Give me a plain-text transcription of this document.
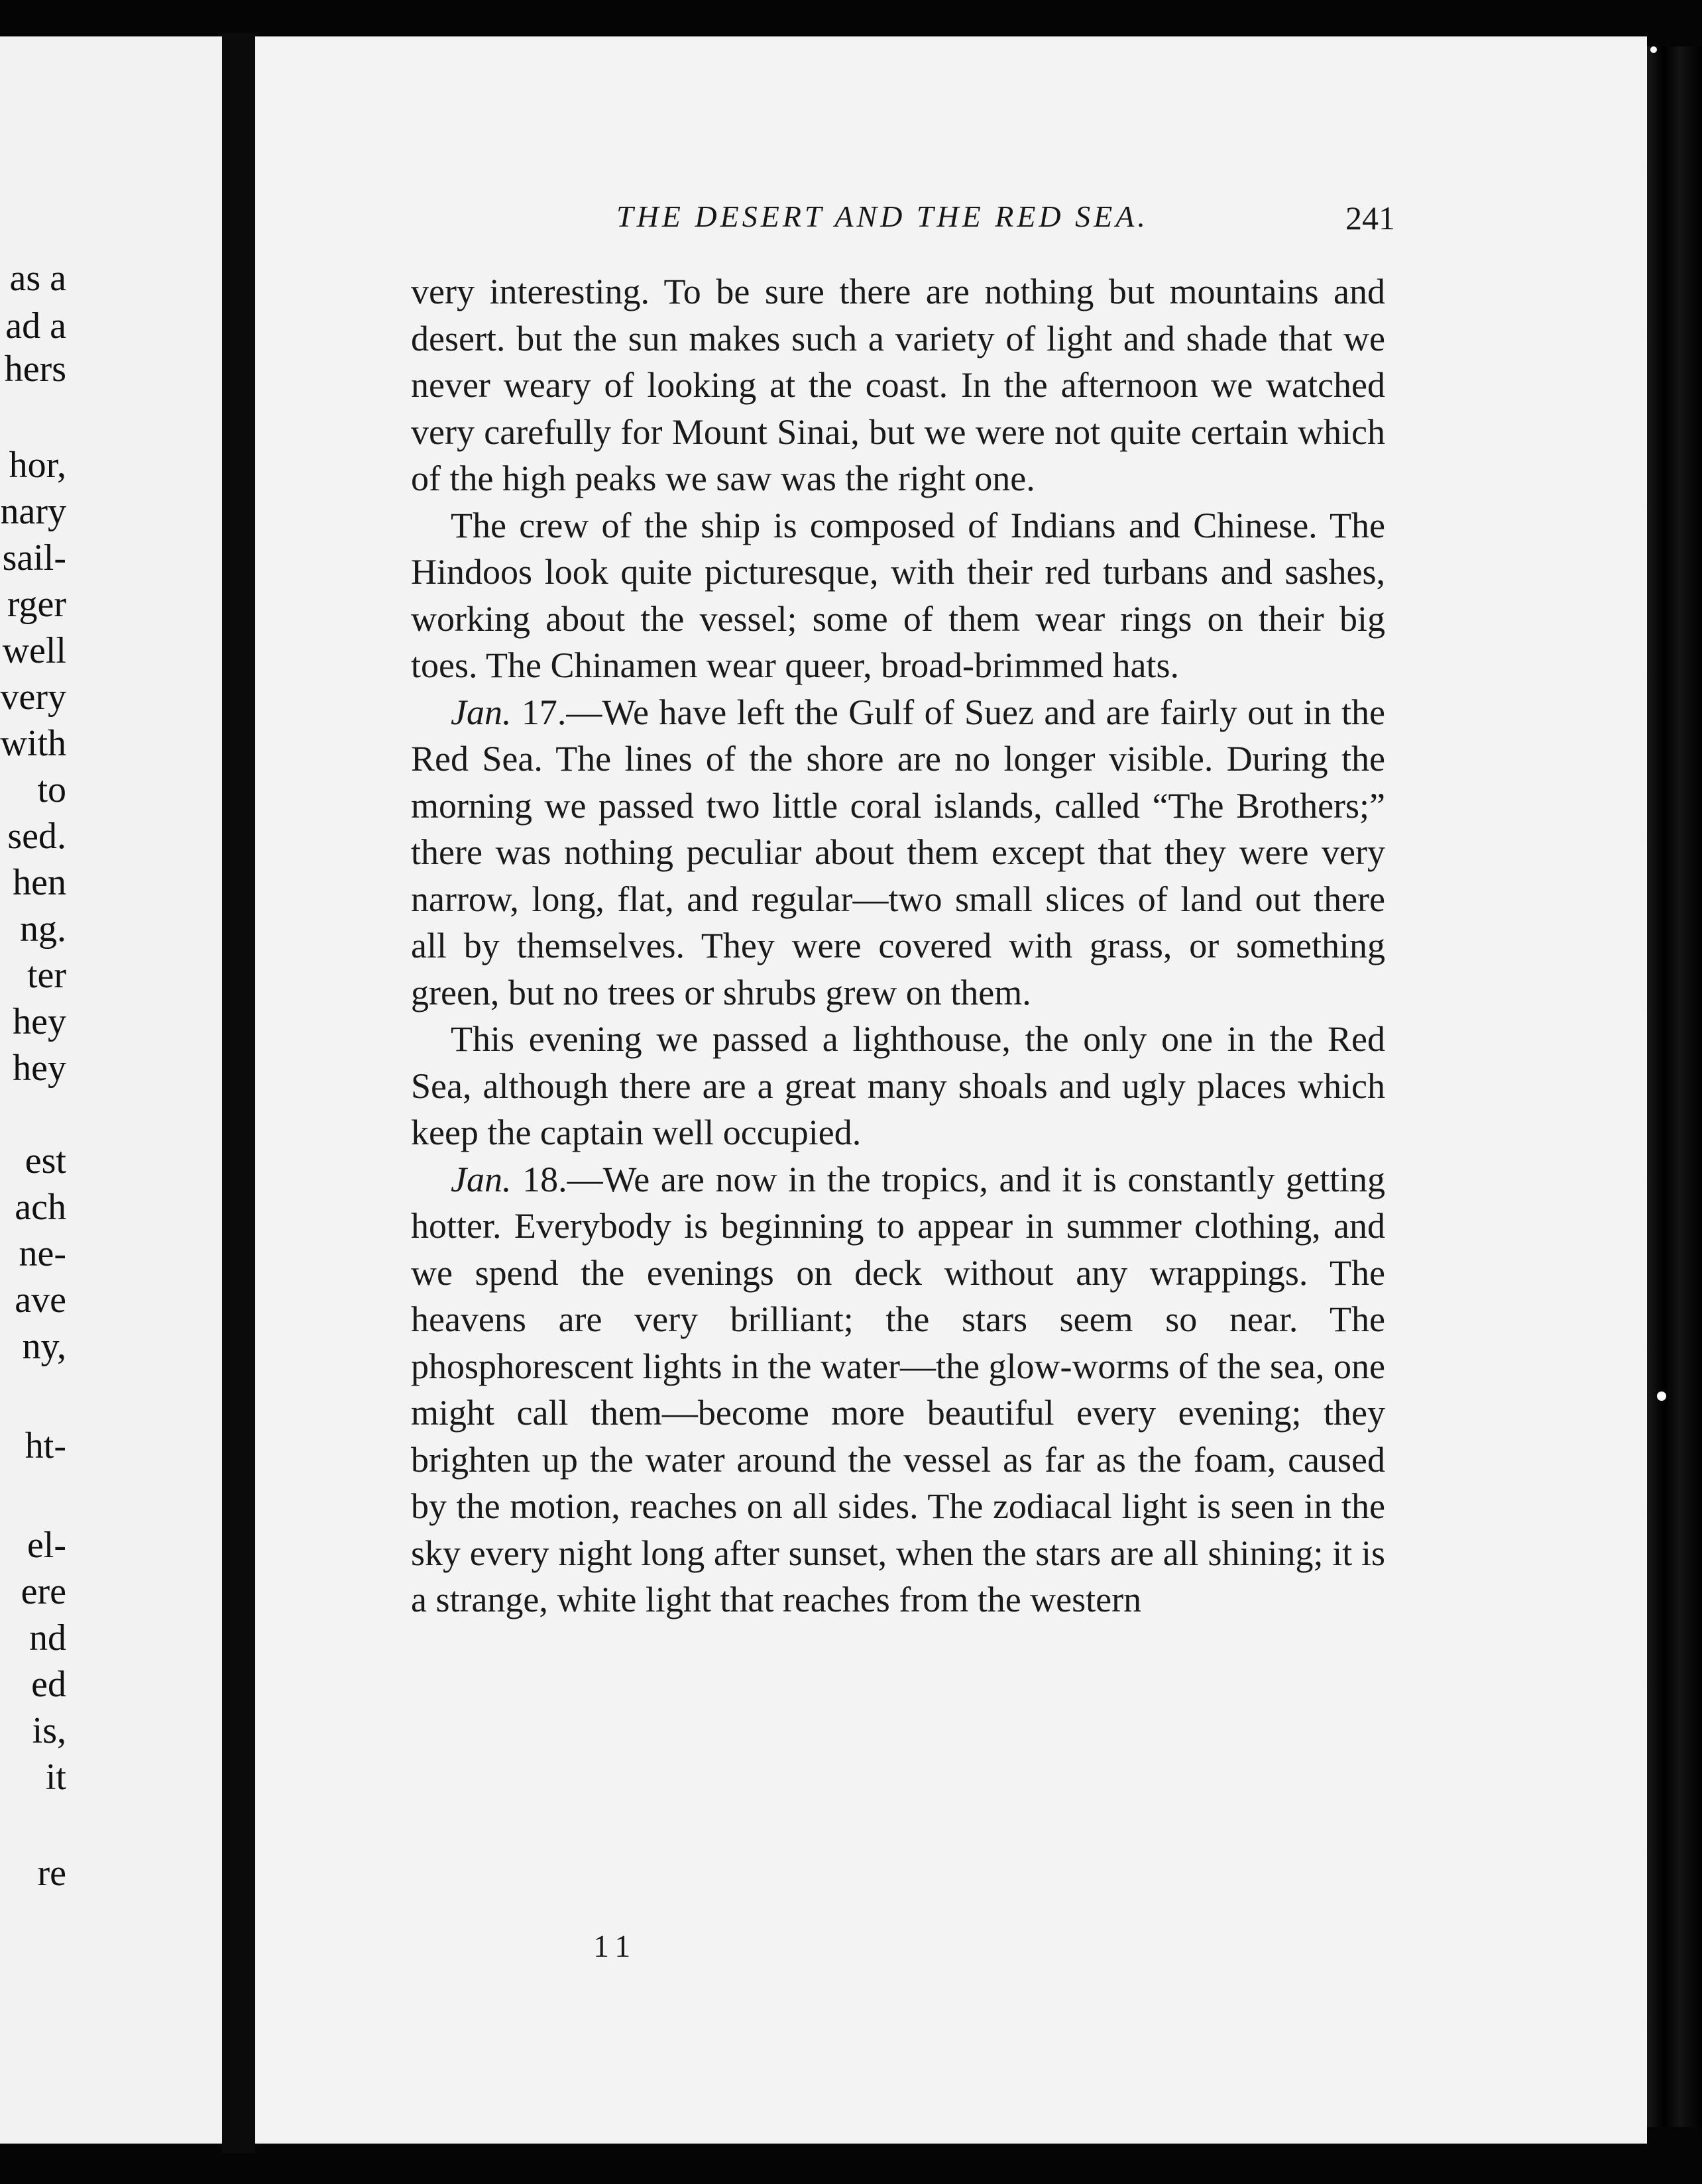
as a
ad a
hers
hor,
nary
sail-
rger
well
very
with
to
sed.
hen
ng.
ter
hey
hey
est
ach
ne-
ave
ny,
ht-
el-
ere
nd
ed
is,
it
re
THE DESERT AND THE RED SEA.	241

very interesting. To be sure there are nothing but mountains and desert. but the sun makes such a variety of light and shade that we never weary of looking at the coast. In the afternoon we watched very carefully for Mount Sinai, but we were not quite certain which of the high peaks we saw was the right one.

The crew of the ship is composed of Indians and Chinese. The Hindoos look quite picturesque, with their red turbans and sashes, working about the vessel; some of them wear rings on their big toes. The Chinamen wear queer, broad-brimmed hats.

Jan. 17.—We have left the Gulf of Suez and are fairly out in the Red Sea. The lines of the shore are no longer visible. During the morning we passed two little coral islands, called “The Brothers;” there was nothing peculiar about them except that they were very narrow, long, flat, and regular—two small slices of land out there all by themselves. They were covered with grass, or something green, but no trees or shrubs grew on them.

This evening we passed a lighthouse, the only one in the Red Sea, although there are a great many shoals and ugly places which keep the captain well occupied.

Jan. 18.—We are now in the tropics, and it is constantly getting hotter. Everybody is beginning to appear in summer clothing, and we spend the evenings on deck without any wrappings. The heavens are very brilliant; the stars seem so near. The phosphorescent lights in the water—the glow-worms of the sea, one might call them—become more beautiful every evening; they brighten up the water around the vessel as far as the foam, caused by the motion, reaches on all sides. The zodiacal light is seen in the sky every night long after sunset, when the stars are all shining; it is a strange, white light that reaches from the western

11
